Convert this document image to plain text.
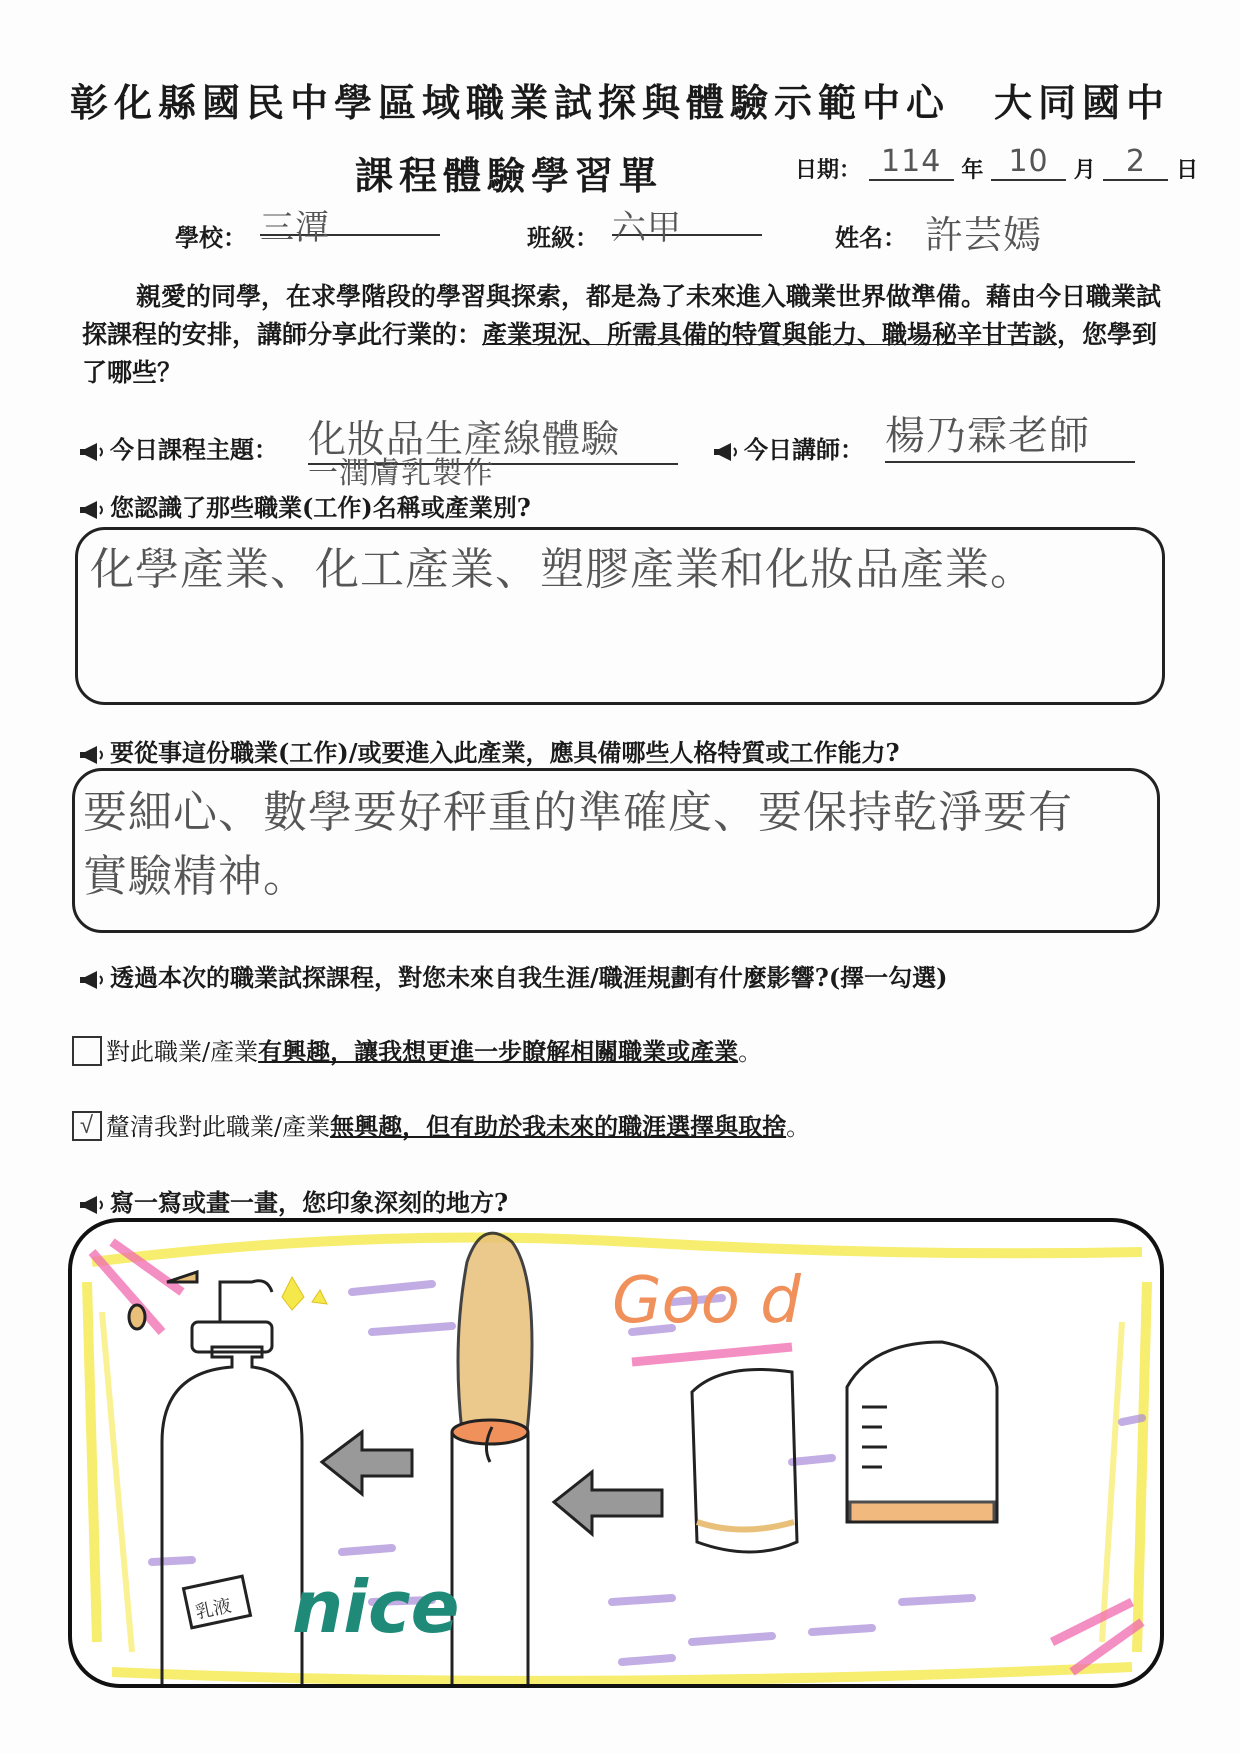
彰化縣國民中學區域職業試探與體驗示範中心　大同國中
課程體驗學習單	日期： 114 年 10 月 2 日
學校： 三潭	班級： 六甲	姓名： 許芸嫣
親愛的同學，在求學階段的學習與探索，都是為了未來進入職業世界做準備。藉由今日職業試探課程的安排，講師分享此行業的：產業現況、所需具備的特質與能力、職場秘辛甘苦談，您學到了哪些？
今日課程主題： 化妝品生產線體驗
一潤膚乳製作
今日講師： 楊乃霖老師
您認識了那些職業(工作)名稱或產業別?
化學產業、化工產業、塑膠產業和化妝品產業。
要從事這份職業(工作)/或要進入此產業，應具備哪些人格特質或工作能力?
要細心、數學要好秤重的準確度、要保持乾淨要有
實驗精神。
透過本次的職業試探課程，對您未來自我生涯/職涯規劃有什麼影響?(擇一勾選)
對此職業/產業有興趣，讓我想更進一步瞭解相關職業或產業。
√ 釐清我對此職業/產業無興趣，但有助於我未來的職涯選擇與取捨。
寫一寫或畫一畫，您印象深刻的地方?
乳液
Goo d
nice
